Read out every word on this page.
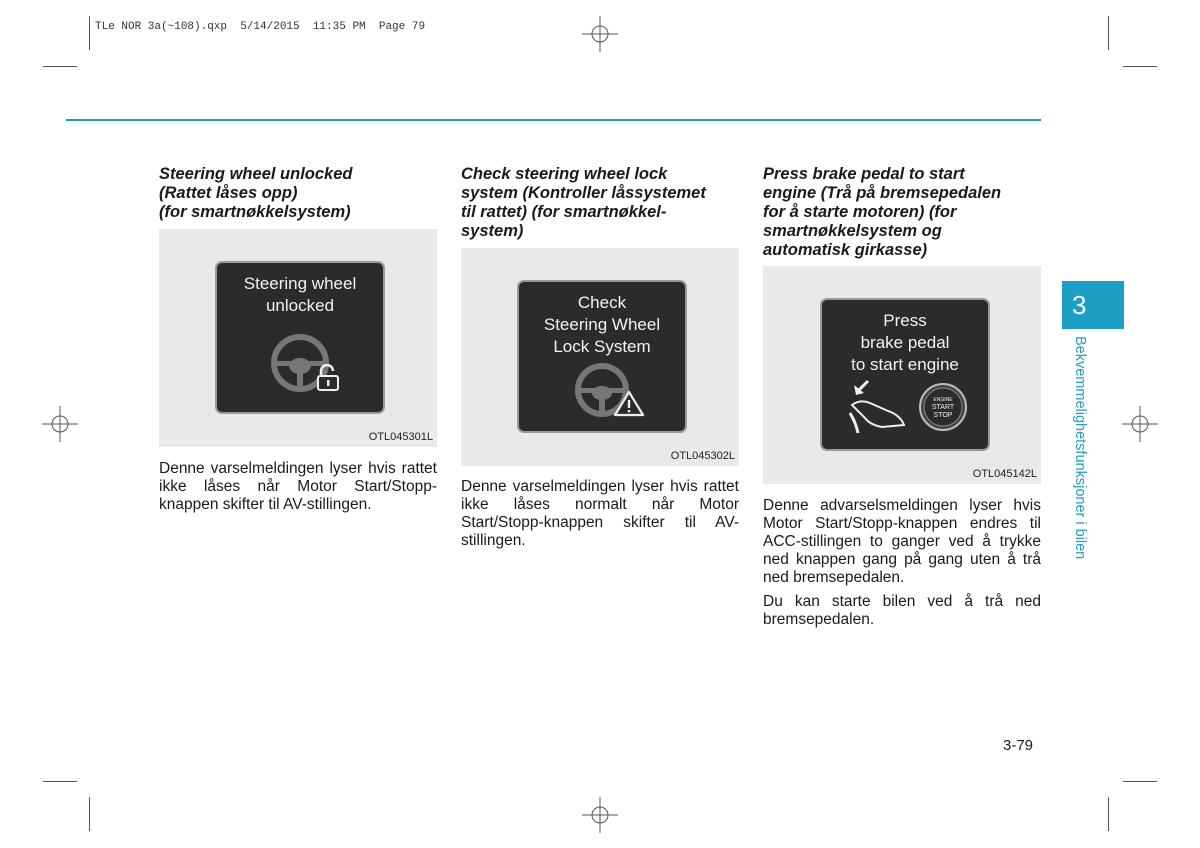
TLe NOR 3a(~108).qxp  5/14/2015  11:35 PM  Page 79

Steering wheel unlocked
(Rattet låses opp)
(for smartnøkkelsystem)

Steering wheel
unlocked
OTL045301L

Denne varselmeldingen lyser hvis rattet ikke låses når Motor Start/Stopp-knappen skifter til AV-stillingen.

Check steering wheel lock
system (Kontroller låssystemet
til rattet) (for smartnøkkel-
system)

Check
Steering Wheel
Lock System
OTL045302L

Denne varselmeldingen lyser hvis rattet ikke låses normalt når Motor Start/Stopp-knappen skifter til AV-stillingen.

Press brake pedal to start
engine (Trå på bremsepedalen
for å starte motoren) (for
smartnøkkelsystem og
automatisk girkasse)

Press
brake pedal
to start engine
ENGINE
START
STOP
OTL045142L

Denne advarselsmeldingen lyser hvis Motor Start/Stopp-knappen endres til ACC-stillingen to ganger ved å trykke ned knappen gang på gang uten å trå ned bremsepedalen.

Du kan starte bilen ved å trå ned bremsepedalen.

3
Bekvemmelighetsfunksjoner i bilen
3-79
